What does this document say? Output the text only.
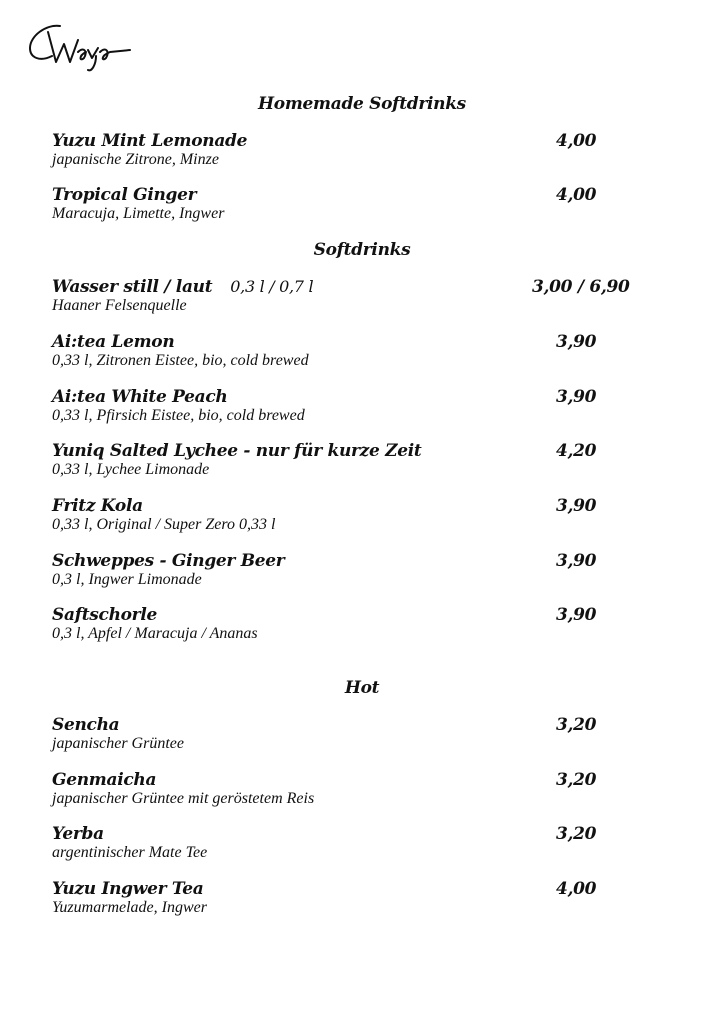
Homemade Softdrinks
Yuzu Mint Lemonade
japanische Zitrone, Minze
4,00
Tropical Ginger
Maracuja, Limette, Ingwer
4,00
Softdrinks
Wasser still / laut 0,3 l / 0,7 l
Haaner Felsenquelle
3,00 / 6,90
Ai:tea Lemon
0,33 l, Zitronen Eistee, bio, cold brewed
3,90
Ai:tea White Peach
0,33 l, Pfirsich Eistee, bio, cold brewed
3,90
Yuniq Salted Lychee - nur für kurze Zeit
0,33 l, Lychee Limonade
4,20
Fritz Kola
0,33 l, Original / Super Zero 0,33 l
3,90
Schweppes - Ginger Beer
0,3 l, Ingwer Limonade
3,90
Saftschorle
0,3 l, Apfel / Maracuja / Ananas
3,90
Hot
Sencha
japanischer Grüntee
3,20
Genmaicha
japanischer Grüntee mit geröstetem Reis
3,20
Yerba
argentinischer Mate Tee
3,20
Yuzu Ingwer Tea
Yuzumarmelade, Ingwer
4,00
